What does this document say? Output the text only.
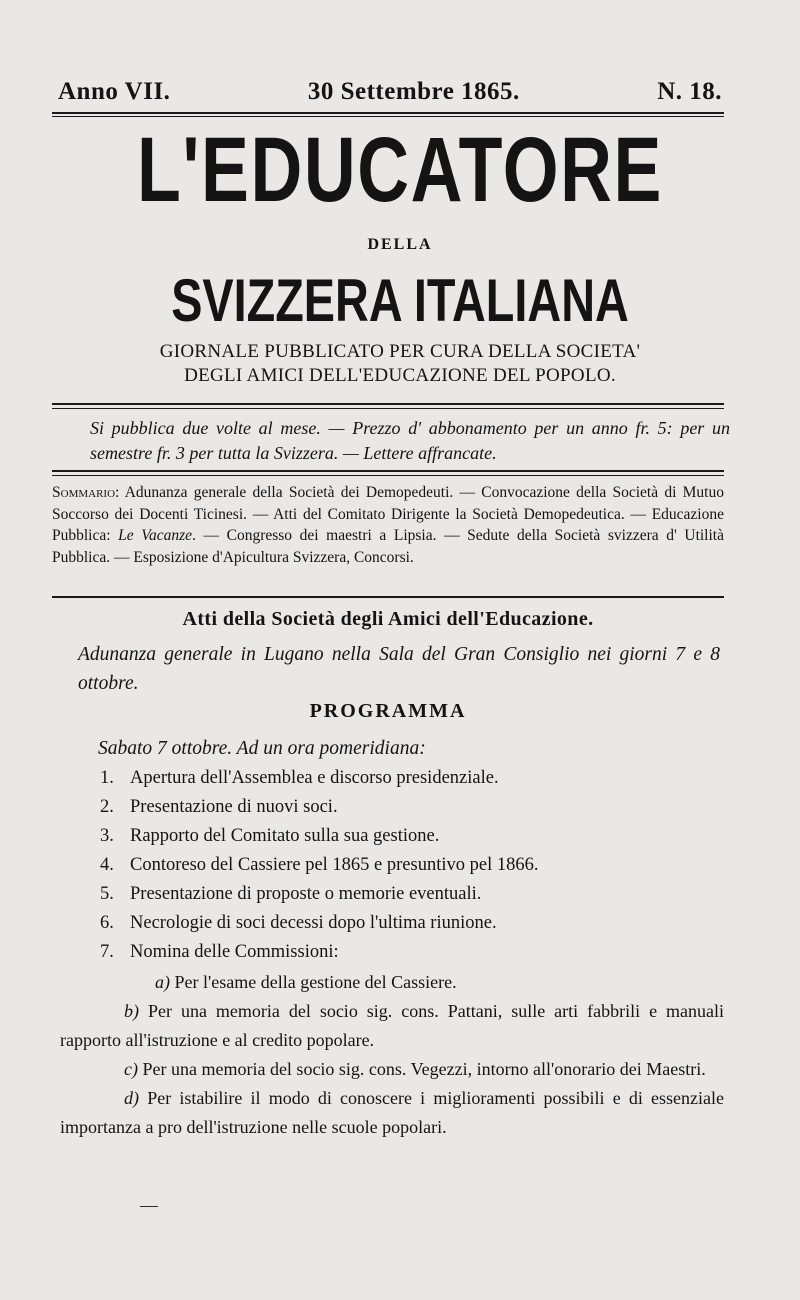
Anno VII.	30 Settembre 1865.	N. 18.
L'EDUCATORE
DELLA
SVIZZERA ITALIANA
GIORNALE PUBBLICATO PER CURA DELLA SOCIETA'
DEGLI AMICI DELL'EDUCAZIONE DEL POPOLO.
Si pubblica due volte al mese. — Prezzo d' abbonamento per un anno fr. 5: per un semestre fr. 3 per tutta la Svizzera. — Lettere affrancate.
Sommario: Adunanza generale della Società dei Demopedeuti. — Convocazione della Società di Mutuo Soccorso dei Docenti Ticinesi. — Atti del Comitato Dirigente la Società Demopedeutica. — Educazione Pubblica: Le Vacanze. — Congresso dei maestri a Lipsia. — Sedute della Società svizzera d' Utilità Pubblica. — Esposizione d'Apicultura Svizzera, Concorsi.
Atti della Società degli Amici dell'Educazione.
Adunanza generale in Lugano nella Sala del Gran Consiglio nei giorni 7 e 8 ottobre.
PROGRAMMA
Sabato 7 ottobre. Ad un ora pomeridiana:
1. Apertura dell'Assemblea e discorso presidenziale.
2. Presentazione di nuovi soci.
3. Rapporto del Comitato sulla sua gestione.
4. Contoreso del Cassiere pel 1865 e presuntivo pel 1866.
5. Presentazione di proposte o memorie eventuali.
6. Necrologie di soci decessi dopo l'ultima riunione.
7. Nomina delle Commissioni:

a) Per l'esame della gestione del Cassiere.

b) Per una memoria del socio sig. cons. Pattani, sulle arti fabbrili e manuali rapporto all'istruzione e al credito popolare.

c) Per una memoria del socio sig. cons. Vegezzi, intorno all'onorario dei Maestri.

d) Per istabilire il modo di conoscere i miglioramenti possibili e di essenziale importanza a pro dell'istruzione nelle scuole popolari.

—
